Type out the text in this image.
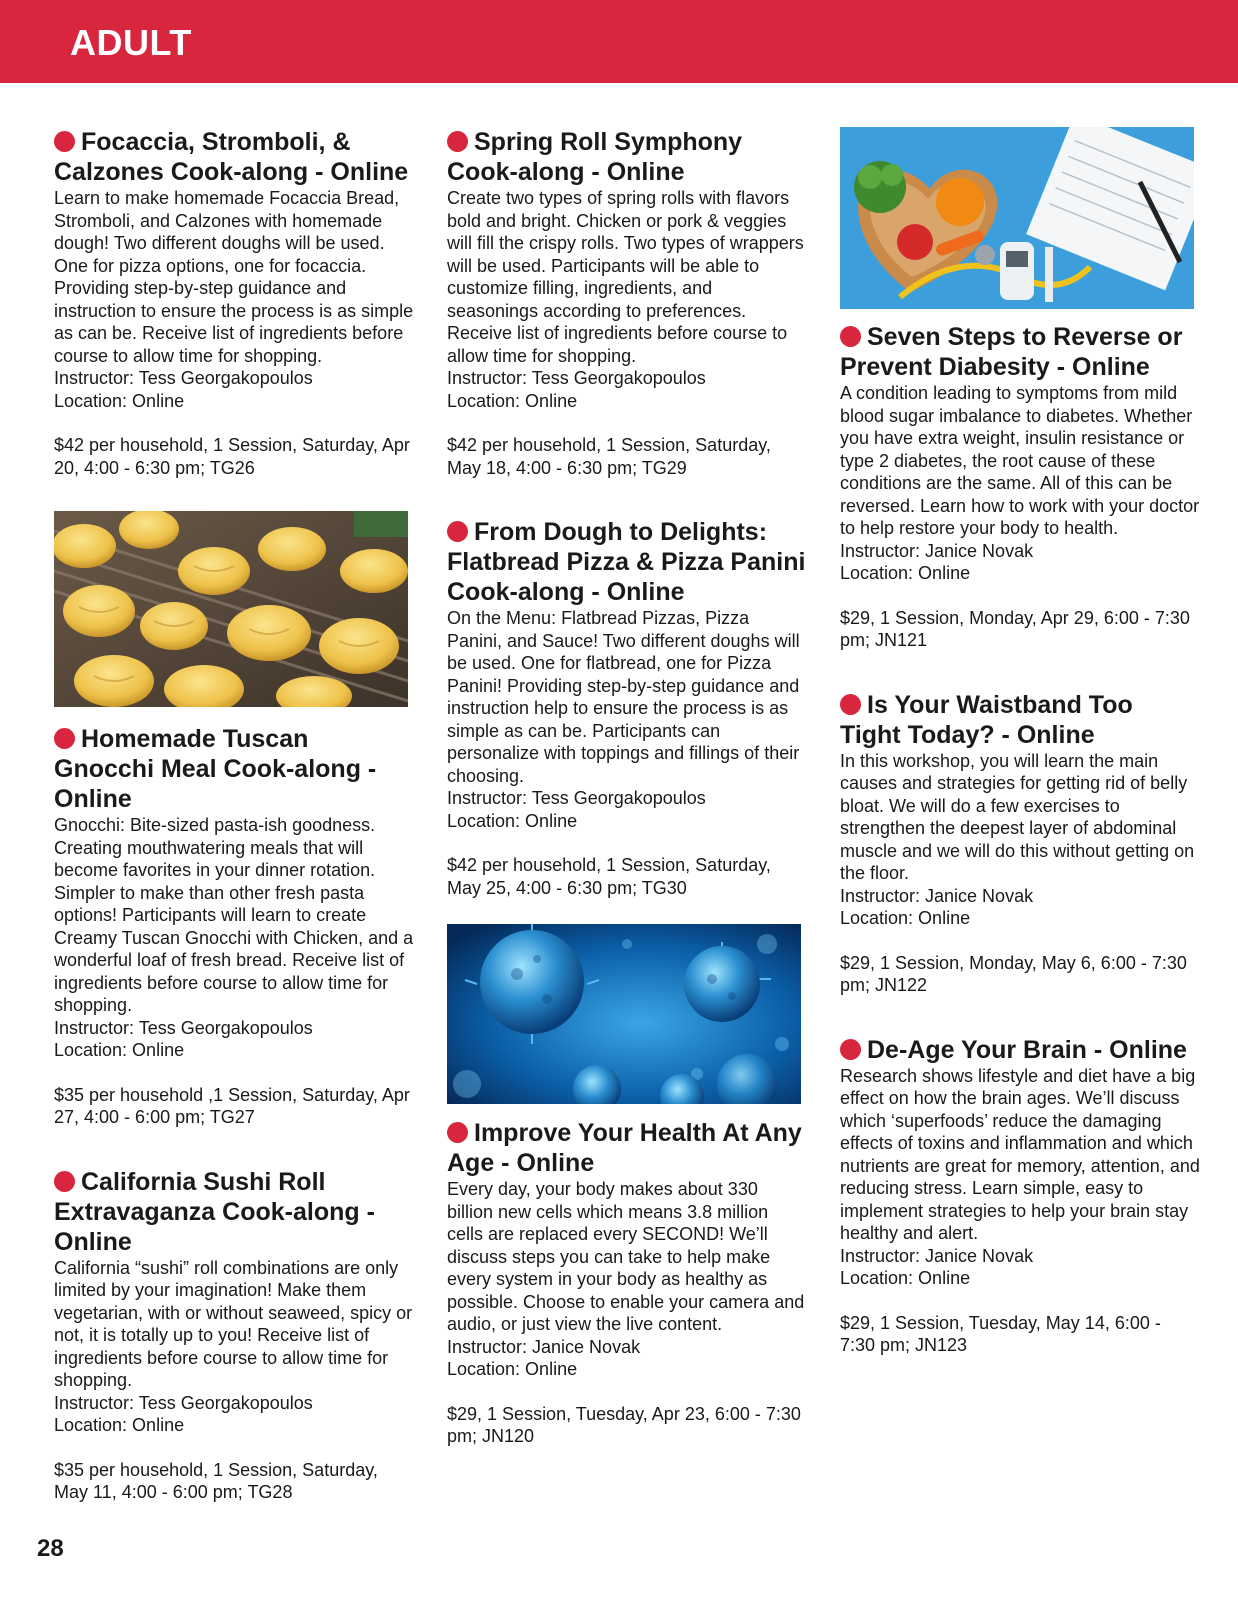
ADULT
Focaccia, Stromboli, & Calzones Cook-along - Online

Learn to make homemade Focaccia Bread, Stromboli, and Calzones with homemade dough! Two different doughs will be used. One for pizza options, one for focaccia. Providing step-by-step guidance and instruction to ensure the process is as simple as can be. Receive list of ingredients before course to allow time for shopping.

Instructor: Tess Georgakopoulos

Location: Online

$42 per household, 1 Session, Saturday, Apr 20, 4:00 - 6:30 pm; TG26

Homemade Tuscan Gnocchi Meal Cook-along - Online

Gnocchi: Bite-sized pasta-ish goodness. Creating mouthwatering meals that will become favorites in your dinner rotation. Simpler to make than other fresh pasta options! Participants will learn to create Creamy Tuscan Gnocchi with Chicken, and a wonderful loaf of fresh bread. Receive list of ingredients before course to allow time for shopping.

Instructor: Tess Georgakopoulos

Location: Online

$35 per household ,1 Session, Saturday, Apr 27, 4:00 - 6:00 pm; TG27

California Sushi Roll Extravaganza Cook-along - Online

California “sushi” roll combinations are only limited by your imagination! Make them vegetarian, with or without seaweed, spicy or not, it is totally up to you! Receive list of ingredients before course to allow time for shopping.

Instructor: Tess Georgakopoulos

Location: Online

$35 per household, 1 Session, Saturday, May 11, 4:00 - 6:00 pm; TG28

Spring Roll Symphony Cook-along - Online

Create two types of spring rolls with flavors bold and bright. Chicken or pork & veggies will fill the crispy rolls. Two types of wrappers will be used. Participants will be able to customize filling, ingredients, and seasonings according to preferences. Receive list of ingredients before course to allow time for shopping.

Instructor: Tess Georgakopoulos

Location: Online

$42 per household, 1 Session, Saturday, May 18, 4:00 - 6:30 pm; TG29

From Dough to Delights: Flatbread Pizza & Pizza Panini Cook-along - Online

On the Menu: Flatbread Pizzas, Pizza Panini, and Sauce! Two different doughs will be used. One for flatbread, one for Pizza Panini! Providing step-by-step guidance and instruction help to ensure the process is as simple as can be. Participants can personalize with toppings and fillings of their choosing.

Instructor: Tess Georgakopoulos

Location: Online

$42 per household, 1 Session, Saturday, May 25, 4:00 - 6:30 pm; TG30

Improve Your Health At Any Age - Online

Every day, your body makes about 330 billion new cells which means 3.8 million cells are replaced every SECOND! We’ll discuss steps you can take to help make every system in your body as healthy as possible. Choose to enable your camera and audio, or just view the live content.

Instructor: Janice Novak

Location: Online

$29, 1 Session, Tuesday, Apr 23, 6:00 - 7:30 pm; JN120

Seven Steps to Reverse or Prevent Diabesity - Online

A condition leading to symptoms from mild blood sugar imbalance to diabetes. Whether you have extra weight, insulin resistance or type 2 diabetes, the root cause of these conditions are the same. All of this can be reversed. Learn how to work with your doctor to help restore your body to health.

Instructor: Janice Novak

Location: Online

$29, 1 Session, Monday, Apr 29, 6:00 - 7:30 pm; JN121

Is Your Waistband Too Tight Today? - Online

In this workshop, you will learn the main causes and strategies for getting rid of belly bloat. We will do a few exercises to strengthen the deepest layer of abdominal muscle and we will do this without getting on the floor.

Instructor: Janice Novak

Location: Online

$29, 1 Session, Monday, May 6, 6:00 - 7:30 pm; JN122

De-Age Your Brain - Online

Research shows lifestyle and diet have a big effect on how the brain ages. We’ll discuss which ‘superfoods’ reduce the damaging effects of toxins and inflammation and which nutrients are great for memory, attention, and reducing stress. Learn simple, easy to implement strategies to help your brain stay healthy and alert.

Instructor: Janice Novak

Location: Online

$29, 1 Session, Tuesday, May 14, 6:00 - 7:30 pm; JN123

28
